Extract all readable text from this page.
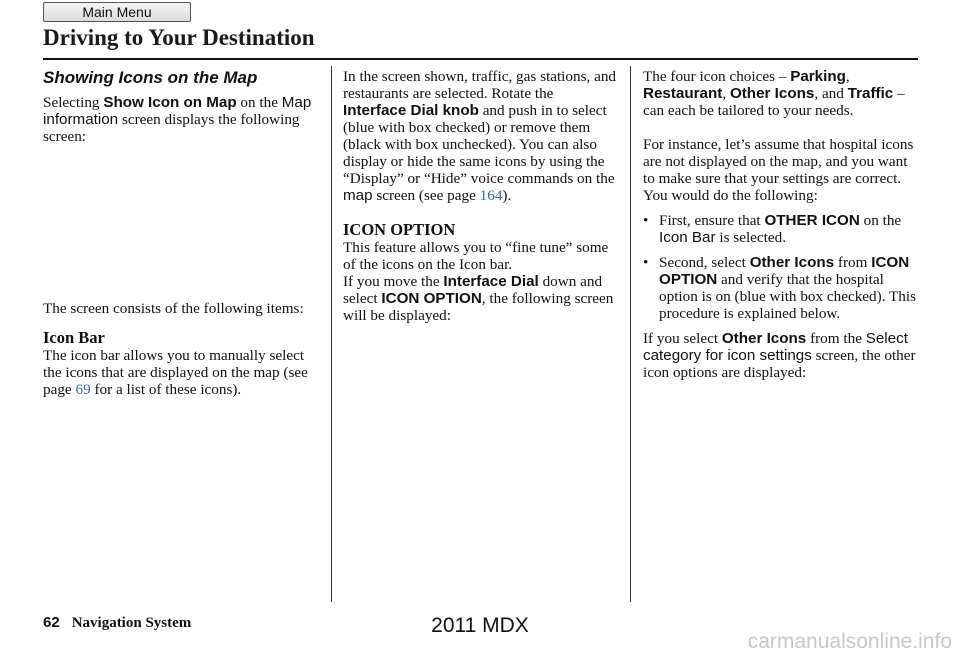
Main Menu
Driving to Your Destination
Showing Icons on the Map

Selecting Show Icon on Map on the Map information screen displays the following screen:

The screen consists of the following items:

Icon Bar

The icon bar allows you to manually select the icons that are displayed on the map (see page 69 for a list of these icons).

In the screen shown, traffic, gas stations, and restaurants are selected. Rotate the Interface Dial knob and push in to select (blue with box checked) or remove them (black with box unchecked). You can also display or hide the same icons by using the “Display” or “Hide” voice commands on the map screen (see page 164).

ICON OPTION

This feature allows you to “fine tune” some of the icons on the Icon bar.

If you move the Interface Dial down and select ICON OPTION, the following screen will be displayed:

The four icon choices – Parking, Restaurant, Other Icons, and Traffic – can each be tailored to your needs.

For instance, let’s assume that hospital icons are not displayed on the map, and you want to make sure that your settings are correct. You would do the following:

• First, ensure that OTHER ICON on the Icon Bar is selected.
• Second, select Other Icons from ICON OPTION and verify that the hospital option is on (blue with box checked). This procedure is explained below.

If you select Other Icons from the Select category for icon settings screen, the other icon options are displayed:

62 Navigation System	2011 MDX
carmanualsonline.info
